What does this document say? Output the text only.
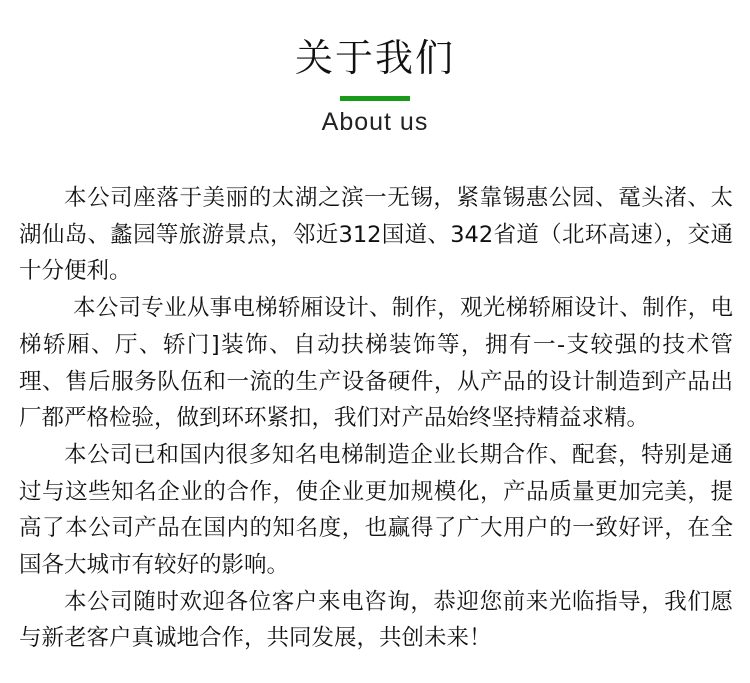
关于我们
About us

本公司座落于美丽的太湖之滨一无锡，紧靠锡惠公园、鼋头渚、太湖仙岛、蠡园等旅游景点，邻近312国道、342省道（北环高速），交通十分便利。

本公司专业从事电梯轿厢设计、制作，观光梯轿厢设计、制作，电梯轿厢、厅、轿门]装饰、自动扶梯装饰等，拥有一-支较强的技术管理、售后服务队伍和一流的生产设备硬件，从产品的设计制造到产品出厂都严格检验，做到环环紧扣，我们对产品始终坚持精益求精。

本公司已和国内很多知名电梯制造企业长期合作、配套，特别是通过与这些知名企业的合作，使企业更加规模化，产品质量更加完美，提高了本公司产品在国内的知名度，也赢得了广大用户的一致好评，在全国各大城市有较好的影响。

本公司随时欢迎各位客户来电咨询，恭迎您前来光临指导，我们愿与新老客户真诚地合作，共同发展，共创未来！
